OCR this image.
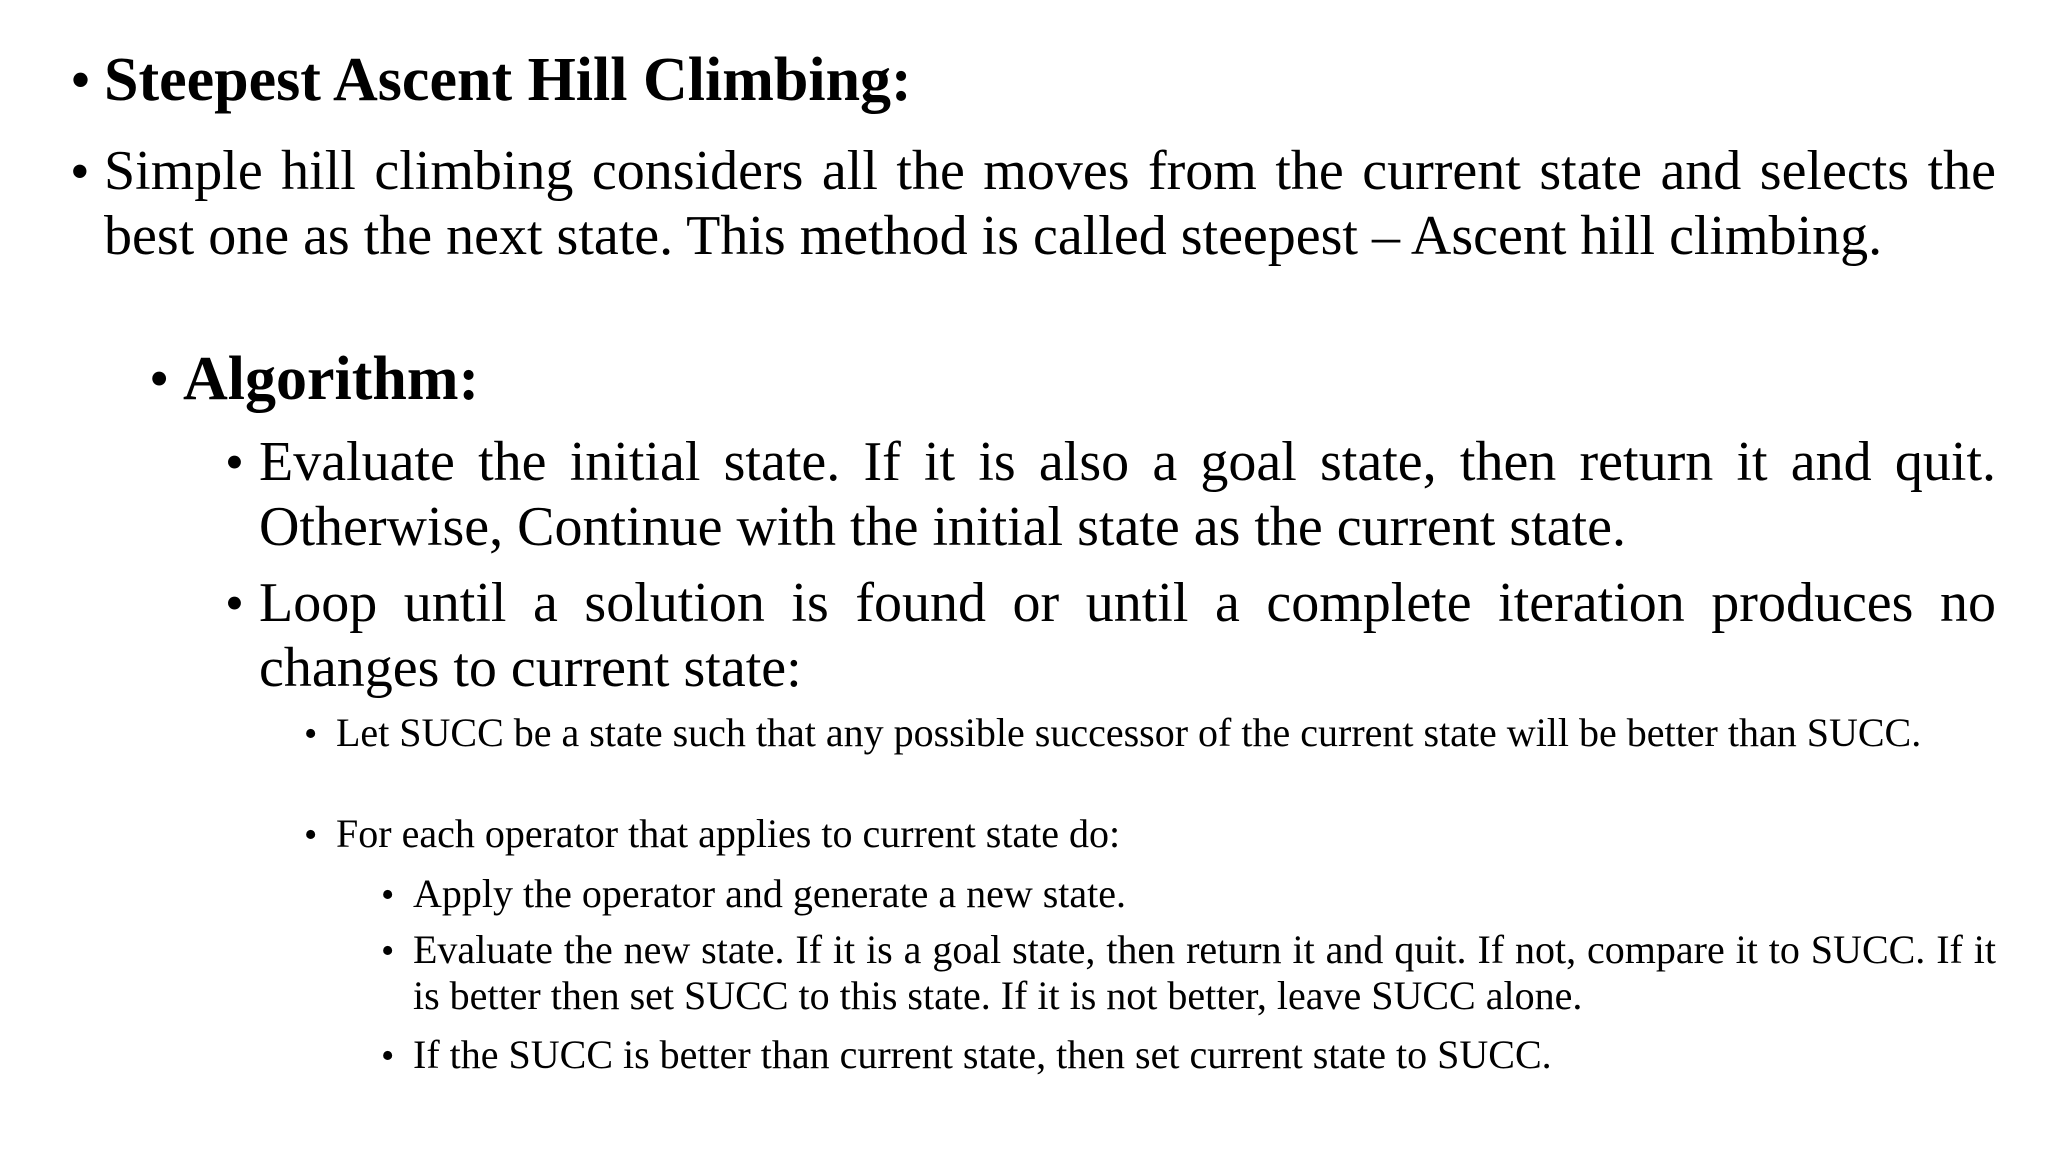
• Steepest Ascent Hill Climbing:
• Simple hill climbing considers all the moves from the current state and selects the best one as the next state. This method is called steepest – Ascent hill climbing.
• Algorithm:
• Evaluate the initial state. If it is also a goal state, then return it and quit. Otherwise, Continue with the initial state as the current state.
• Loop until a solution is found or until a complete iteration produces no changes to current state:
• Let SUCC be a state such that any possible successor of the current state will be better than SUCC.
• For each operator that applies to current state do:
• Apply the operator and generate a new state.
• Evaluate the new state. If it is a goal state, then return it and quit. If not, compare it to SUCC. If it is better then set SUCC to this state. If it is not better, leave SUCC alone.
• If the SUCC is better than current state, then set current state to SUCC.
